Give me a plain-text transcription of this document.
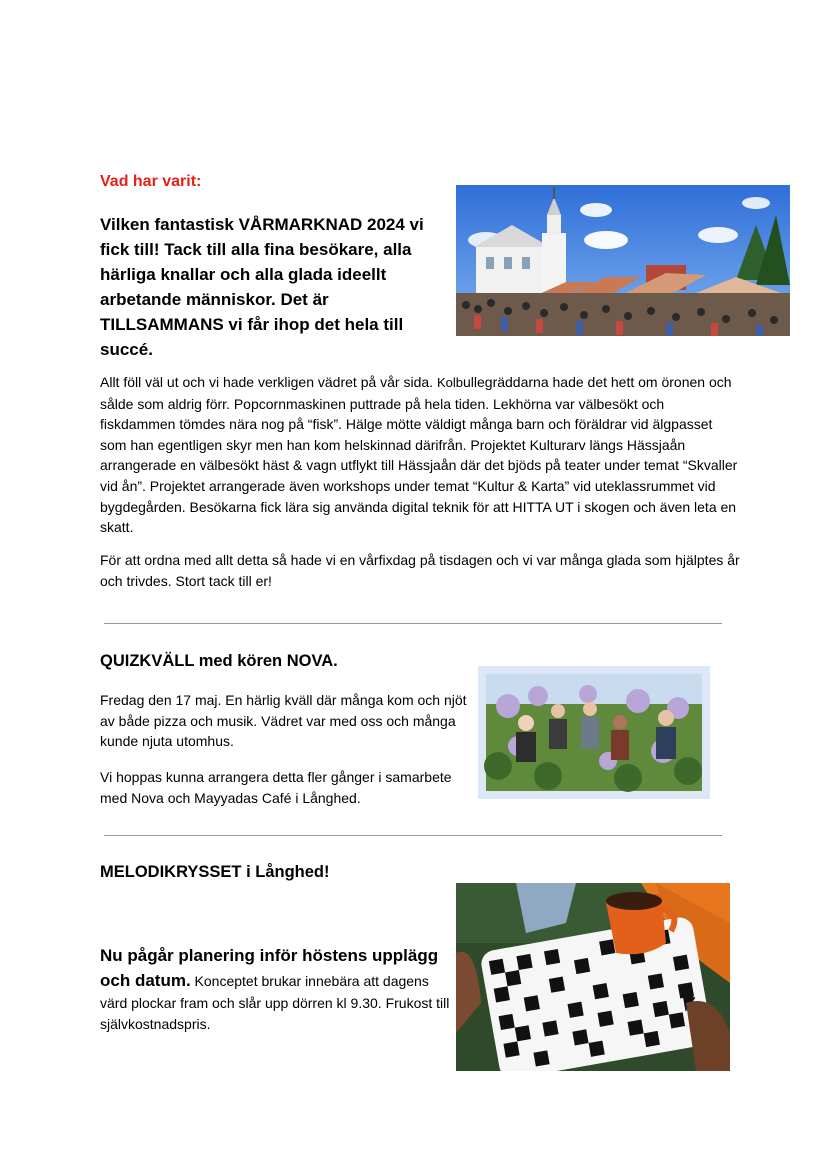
Vad har varit:
Vilken fantastisk VÅRMARKNAD 2024 vi fick till! Tack till alla fina besökare, alla härliga knallar och alla glada ideellt arbetande människor. Det är TILLSAMMANS vi får ihop det hela till succé.
Allt föll väl ut och vi hade verkligen vädret på vår sida. Kolbullegräddarna hade det hett om öronen och sålde som aldrig förr. Popcornmaskinen puttrade på hela tiden. Lekhörna var välbesökt och fiskdammen tömdes nära nog på “fisk”. Hälge mötte väldigt många barn och föräldrar vid älgpasset som han egentligen skyr men han kom helskinnad därifrån. Projektet Kulturarv längs Hässjaån arrangerade en välbesökt häst & vagn utflykt till Hässjaån där det bjöds på teater under temat “Skvaller vid ån”. Projektet arrangerade även workshops under temat “Kultur & Karta” vid uteklassrummet vid bygdegården. Besökarna fick lära sig använda digital teknik för att HITTA UT i skogen och även leta en skatt.
För att ordna med allt detta så hade vi en vårfixdag på tisdagen och vi var många glada som hjälptes år och trivdes. Stort tack till er!
QUIZKVÄLL med kören NOVA.
Fredag den 17 maj. En härlig kväll där många kom och njöt av både pizza och musik. Vädret var med oss och många kunde njuta utomhus.
Vi hoppas kunna arrangera detta fler gånger i samarbete med Nova och Mayyadas Café i Långhed.
MELODIKRYSSET i Långhed!
Nu pågår planering inför höstens upplägg och datum. Konceptet brukar innebära att dagens värd plockar fram och slår upp dörren kl 9.30. Frukost till självkostnadspris.
